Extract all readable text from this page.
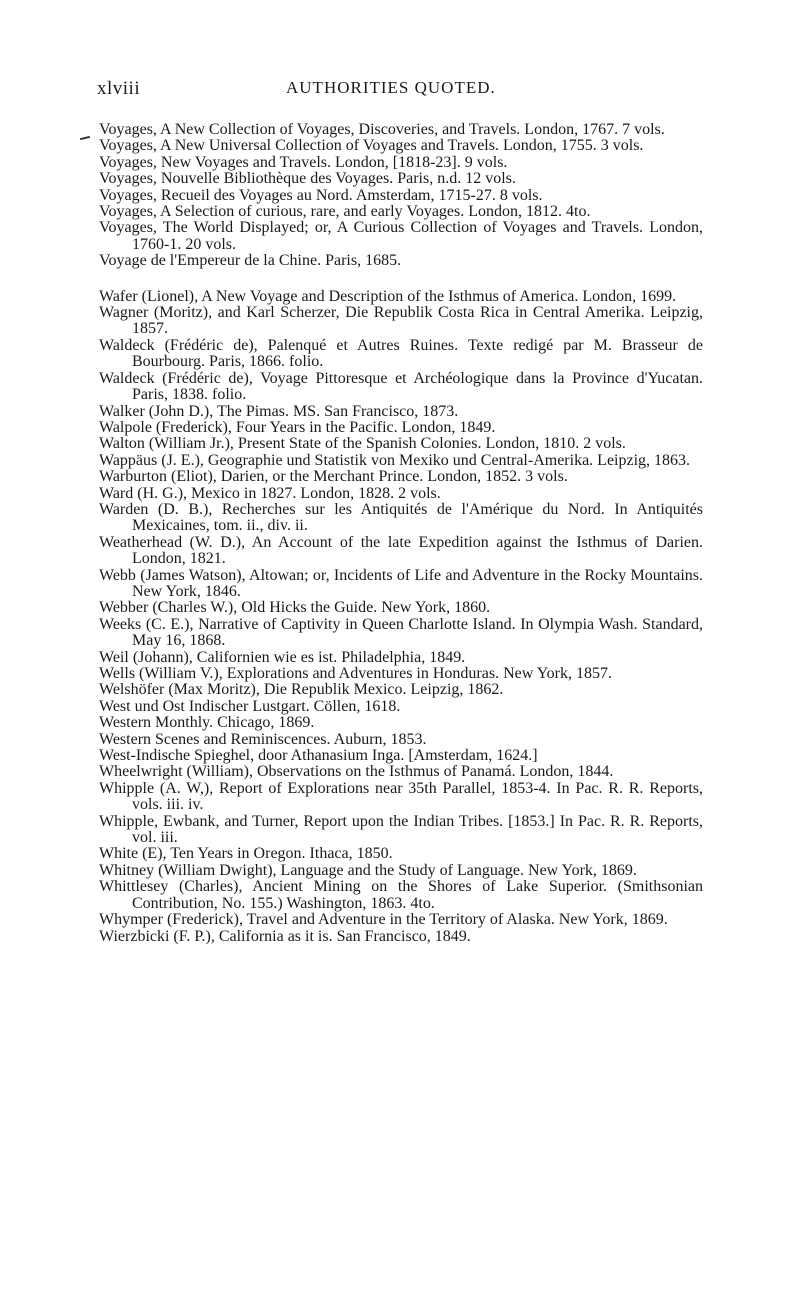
xlviii	AUTHORITIES QUOTED.
Voyages, A New Collection of Voyages, Discoveries, and Travels. London, 1767. 7 vols.
Voyages, A New Universal Collection of Voyages and Travels. London, 1755. 3 vols.
Voyages, New Voyages and Travels. London, [1818-23]. 9 vols.
Voyages, Nouvelle Bibliothèque des Voyages. Paris, n.d. 12 vols.
Voyages, Recueil des Voyages au Nord. Amsterdam, 1715-27. 8 vols.
Voyages, A Selection of curious, rare, and early Voyages. London, 1812. 4to.
Voyages, The World Displayed; or, A Curious Collection of Voyages and Travels. London, 1760-1. 20 vols.
Voyage de l'Empereur de la Chine. Paris, 1685.
Wafer (Lionel), A New Voyage and Description of the Isthmus of America. London, 1699.
Wagner (Moritz), and Karl Scherzer, Die Republik Costa Rica in Central Amerika. Leipzig, 1857.
Waldeck (Frédéric de), Palenqué et Autres Ruines. Texte redigé par M. Brasseur de Bourbourg. Paris, 1866. folio.
Waldeck (Frédéric de), Voyage Pittoresque et Archéologique dans la Province d'Yucatan. Paris, 1838. folio.
Walker (John D.), The Pimas. MS. San Francisco, 1873.
Walpole (Frederick), Four Years in the Pacific. London, 1849.
Walton (William Jr.), Present State of the Spanish Colonies. London, 1810. 2 vols.
Wappäus (J. E.), Geographie und Statistik von Mexiko und Central-Amerika. Leipzig, 1863.
Warburton (Eliot), Darien, or the Merchant Prince. London, 1852. 3 vols.
Ward (H. G.), Mexico in 1827. London, 1828. 2 vols.
Warden (D. B.), Recherches sur les Antiquités de l'Amérique du Nord. In Antiquités Mexicaines, tom. ii., div. ii.
Weatherhead (W. D.), An Account of the late Expedition against the Isthmus of Darien. London, 1821.
Webb (James Watson), Altowan; or, Incidents of Life and Adventure in the Rocky Mountains. New York, 1846.
Webber (Charles W.), Old Hicks the Guide. New York, 1860.
Weeks (C. E.), Narrative of Captivity in Queen Charlotte Island. In Olympia Wash. Standard, May 16, 1868.
Weil (Johann), Californien wie es ist. Philadelphia, 1849.
Wells (William V.), Explorations and Adventures in Honduras. New York, 1857.
Welshöfer (Max Moritz), Die Republik Mexico. Leipzig, 1862.
West und Ost Indischer Lustgart. Cöllen, 1618.
Western Monthly. Chicago, 1869.
Western Scenes and Reminiscences. Auburn, 1853.
West-Indische Spieghel, door Athanasium Inga. [Amsterdam, 1624.]
Wheelwright (William), Observations on the Isthmus of Panamá. London, 1844.
Whipple (A. W,), Report of Explorations near 35th Parallel, 1853-4. In Pac. R. R. Reports, vols. iii. iv.
Whipple, Ewbank, and Turner, Report upon the Indian Tribes. [1853.] In Pac. R. R. Reports, vol. iii.
White (E), Ten Years in Oregon. Ithaca, 1850.
Whitney (William Dwight), Language and the Study of Language. New York, 1869.
Whittlesey (Charles), Ancient Mining on the Shores of Lake Superior. (Smithsonian Contribution, No. 155.) Washington, 1863. 4to.
Whymper (Frederick), Travel and Adventure in the Territory of Alaska. New York, 1869.
Wierzbicki (F. P.), California as it is. San Francisco, 1849.
